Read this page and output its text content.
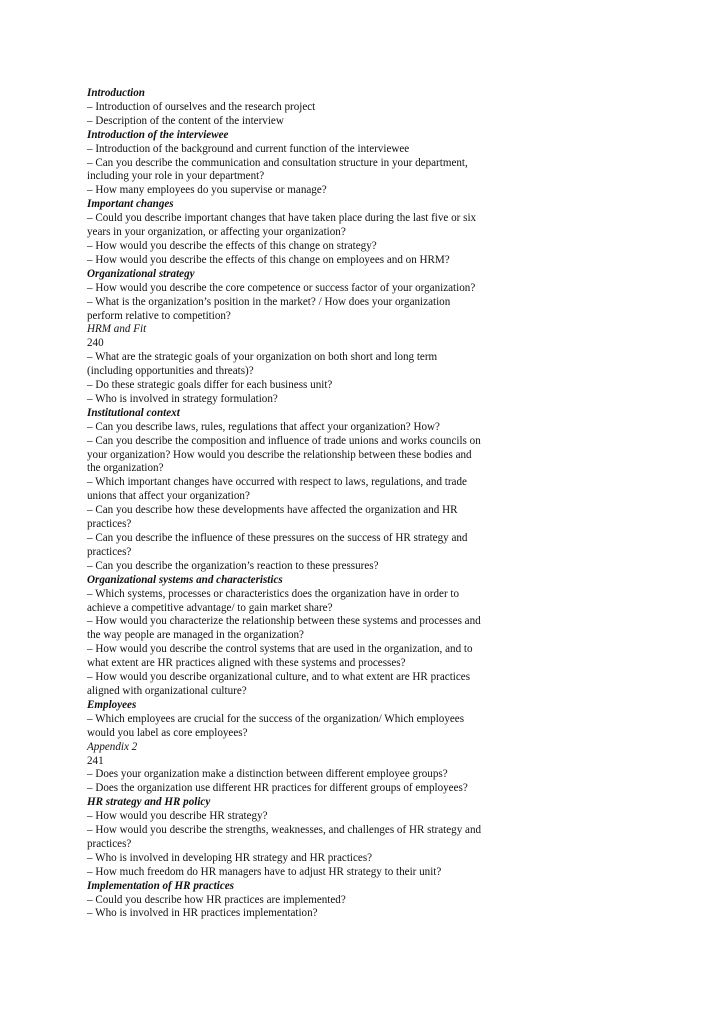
Introduction
– Introduction of ourselves and the research project
– Description of the content of the interview
Introduction of the interviewee
– Introduction of the background and current function of the interviewee
– Can you describe the communication and consultation structure in your department,
including your role in your department?
– How many employees do you supervise or manage?
Important changes
– Could you describe important changes that have taken place during the last five or six
years in your organization, or affecting your organization?
– How would you describe the effects of this change on strategy?
– How would you describe the effects of this change on employees and on HRM?
Organizational strategy
– How would you describe the core competence or success factor of your organization?
– What is the organization’s position in the market? / How does your organization
perform relative to competition?
HRM and Fit
240
– What are the strategic goals of your organization on both short and long term
(including opportunities and threats)?
– Do these strategic goals differ for each business unit?
– Who is involved in strategy formulation?
Institutional context
– Can you describe laws, rules, regulations that affect your organization? How?
– Can you describe the composition and influence of trade unions and works councils on
your organization? How would you describe the relationship between these bodies and
the organization?
– Which important changes have occurred with respect to laws, regulations, and trade
unions that affect your organization?
– Can you describe how these developments have affected the organization and HR
practices?
– Can you describe the influence of these pressures on the success of HR strategy and
practices?
– Can you describe the organization’s reaction to these pressures?
Organizational systems and characteristics
– Which systems, processes or characteristics does the organization have in order to
achieve a competitive advantage/ to gain market share?
– How would you characterize the relationship between these systems and processes and
the way people are managed in the organization?
– How would you describe the control systems that are used in the organization, and to
what extent are HR practices aligned with these systems and processes?
– How would you describe organizational culture, and to what extent are HR practices
aligned with organizational culture?
Employees
– Which employees are crucial for the success of the organization/ Which employees
would you label as core employees?
Appendix 2
241
– Does your organization make a distinction between different employee groups?
– Does the organization use different HR practices for different groups of employees?
HR strategy and HR policy
– How would you describe HR strategy?
– How would you describe the strengths, weaknesses, and challenges of HR strategy and
practices?
– Who is involved in developing HR strategy and HR practices?
– How much freedom do HR managers have to adjust HR strategy to their unit?
Implementation of HR practices
– Could you describe how HR practices are implemented?
– Who is involved in HR practices implementation?
